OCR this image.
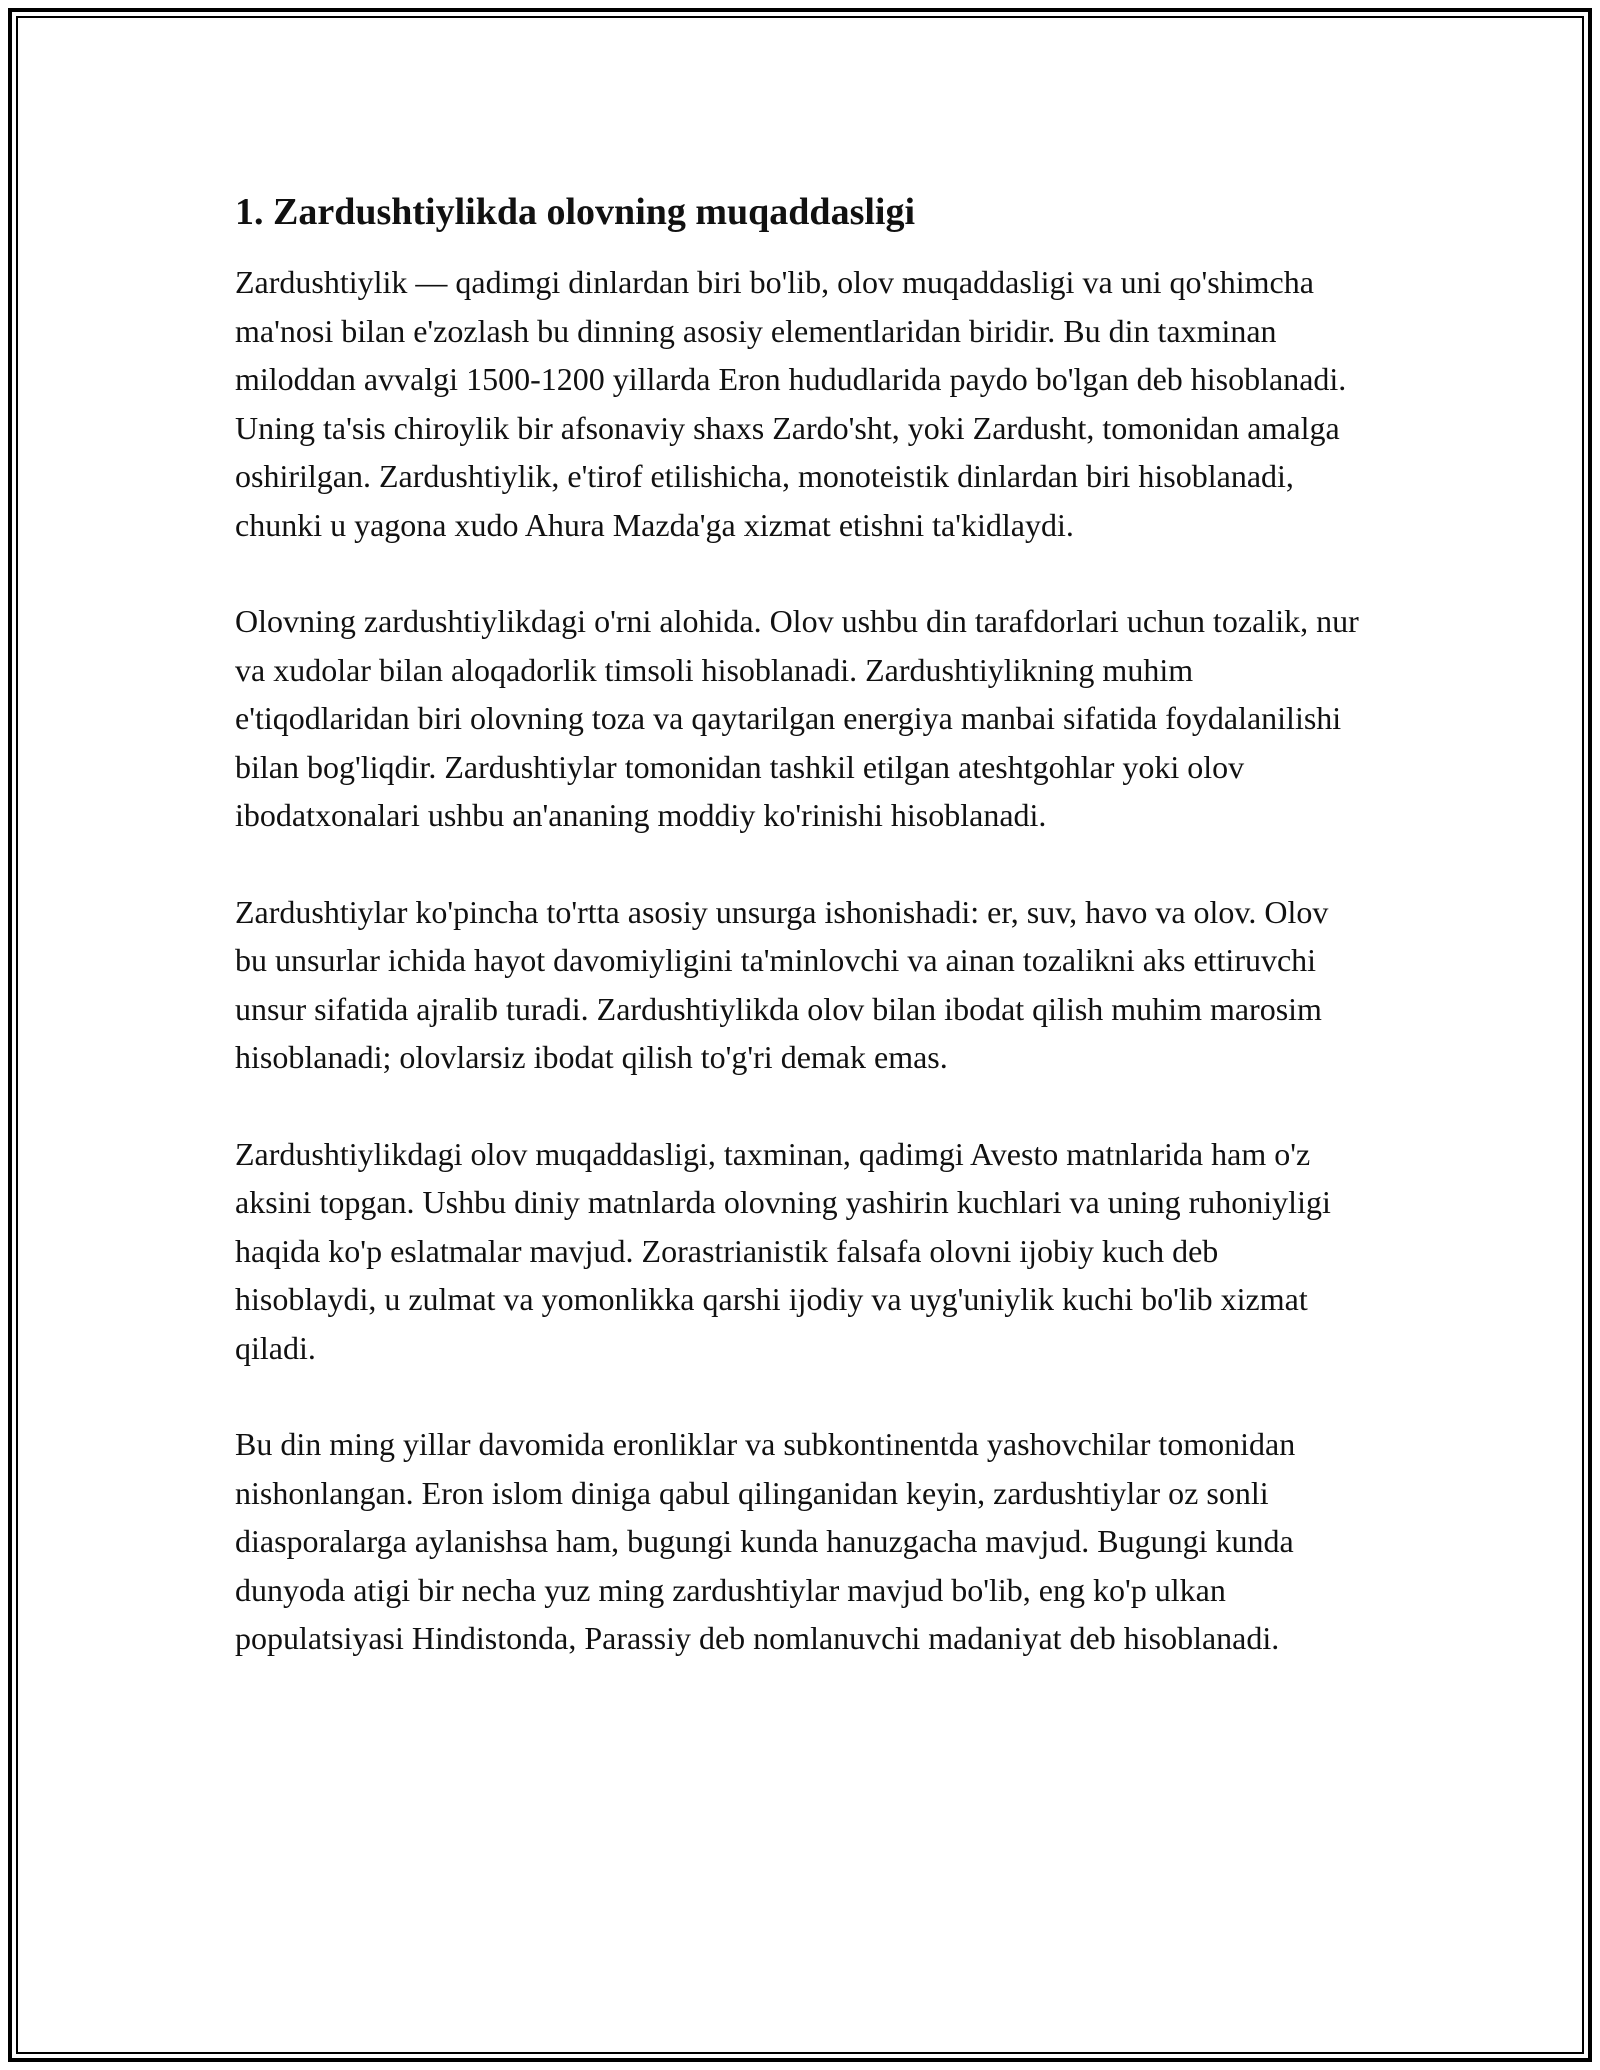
1. Zardushtiylikda olovning muqaddasligi

Zardushtiylik — qadimgi dinlardan biri bo'lib, olov muqaddasligi va uni qo'shimcha ma'nosi bilan e'zozlash bu dinning asosiy elementlaridan biridir. Bu din taxminan miloddan avvalgi 1500-1200 yillarda Eron hududlarida paydo bo'lgan deb hisoblanadi. Uning ta'sis chiroylik bir afsonaviy shaxs Zardo'sht, yoki Zardusht, tomonidan amalga oshirilgan. Zardushtiylik, e'tirof etilishicha, monoteistik dinlardan biri hisoblanadi, chunki u yagona xudo Ahura Mazda'ga xizmat etishni ta'kidlaydi.

Olovning zardushtiylikdagi o'rni alohida. Olov ushbu din tarafdorlari uchun tozalik, nur va xudolar bilan aloqadorlik timsoli hisoblanadi. Zardushtiylikning muhim e'tiqodlaridan biri olovning toza va qaytarilgan energiya manbai sifatida foydalanilishi bilan bog'liqdir. Zardushtiylar tomonidan tashkil etilgan ateshtgohlar yoki olov ibodatxonalari ushbu an'ananing moddiy ko'rinishi hisoblanadi.

Zardushtiylar ko'pincha to'rtta asosiy unsurga ishonishadi: er, suv, havo va olov. Olov bu unsurlar ichida hayot davomiyligini ta'minlovchi va ainan tozalikni aks ettiruvchi unsur sifatida ajralib turadi. Zardushtiylikda olov bilan ibodat qilish muhim marosim hisoblanadi; olovlarsiz ibodat qilish to'g'ri demak emas.

Zardushtiylikdagi olov muqaddasligi, taxminan, qadimgi Avesto matnlarida ham o'z aksini topgan. Ushbu diniy matnlarda olovning yashirin kuchlari va uning ruhoniyligi haqida ko'p eslatmalar mavjud. Zorastrianistik falsafa olovni ijobiy kuch deb hisoblaydi, u zulmat va yomonlikka qarshi ijodiy va uyg'uniylik kuchi bo'lib xizmat qiladi.

Bu din ming yillar davomida eronliklar va subkontinentda yashovchilar tomonidan nishonlangan. Eron islom diniga qabul qilinganidan keyin, zardushtiylar oz sonli diasporalarga aylanishsa ham, bugungi kunda hanuzgacha mavjud. Bugungi kunda dunyoda atigi bir necha yuz ming zardushtiylar mavjud bo'lib, eng ko'p ulkan populatsiyasi Hindistonda, Parassiy deb nomlanuvchi madaniyat deb hisoblanadi.
